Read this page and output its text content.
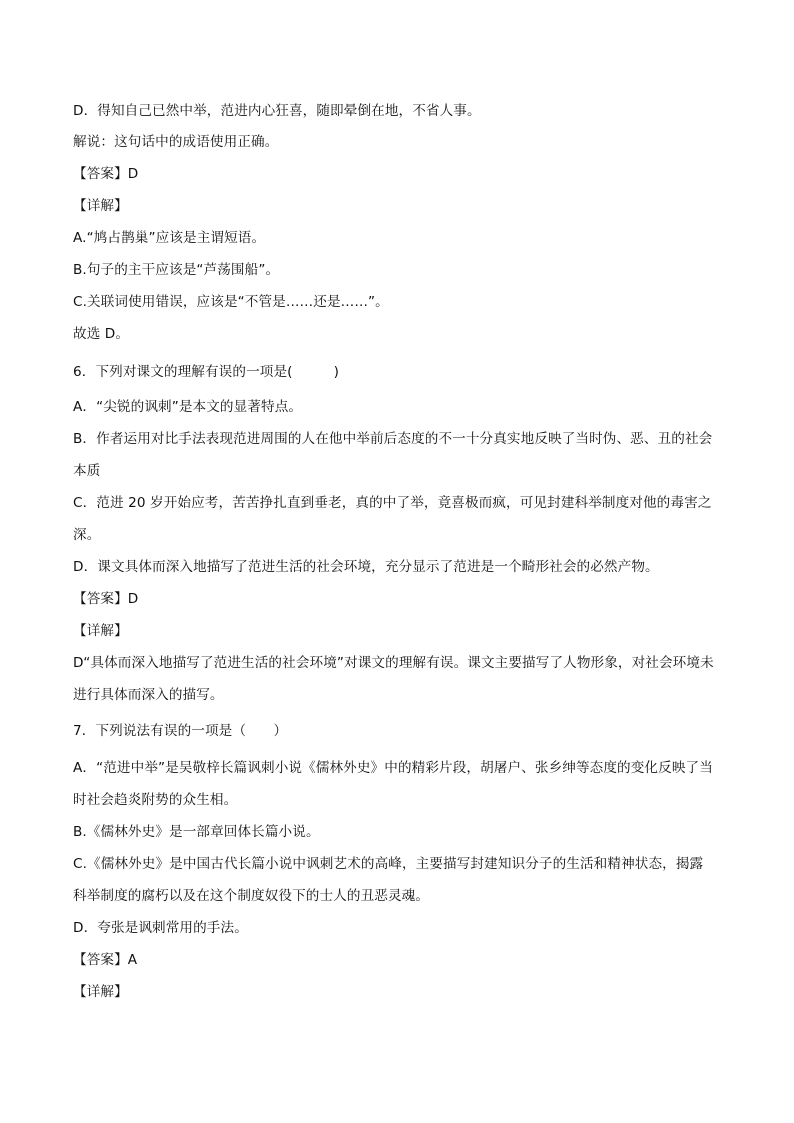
D．得知自己已然中举，范进内心狂喜，随即晕倒在地，不省人事。
解说：这句话中的成语使用正确。
【答案】D
【详解】
A.“鸠占鹊巢”应该是主谓短语。
B.句子的主干应该是“芦荡围船”。
C.关联词使用错误，应该是“不管是……还是……”。
故选 D。
6．下列对课文的理解有误的一项是(　　　)
A．“尖锐的讽刺”是本文的显著特点。
B．作者运用对比手法表现范进周围的人在他中举前后态度的不一十分真实地反映了当时伪、恶、丑的社会
本质
C．范进 20 岁开始应考，苦苦挣扎直到垂老，真的中了举，竟喜极而疯，可见封建科举制度对他的毒害之
深。
D．课文具体而深入地描写了范进生活的社会环境，充分显示了范进是一个畸形社会的必然产物。
【答案】D
【详解】
D“具体而深入地描写了范进生活的社会环境”对课文的理解有误。课文主要描写了人物形象，对社会环境未
进行具体而深入的描写。
7．下列说法有误的一项是（　　）
A．“范进中举”是吴敬梓长篇讽刺小说《儒林外史》中的精彩片段，胡屠户、张乡绅等态度的变化反映了当
时社会趋炎附势的众生相。
B.《儒林外史》是一部章回体长篇小说。
C.《儒林外史》是中国古代长篇小说中讽刺艺术的高峰，主要描写封建知识分子的生活和精神状态，揭露
科举制度的腐朽以及在这个制度奴役下的士人的丑恶灵魂。
D．夸张是讽刺常用的手法。
【答案】A
【详解】
